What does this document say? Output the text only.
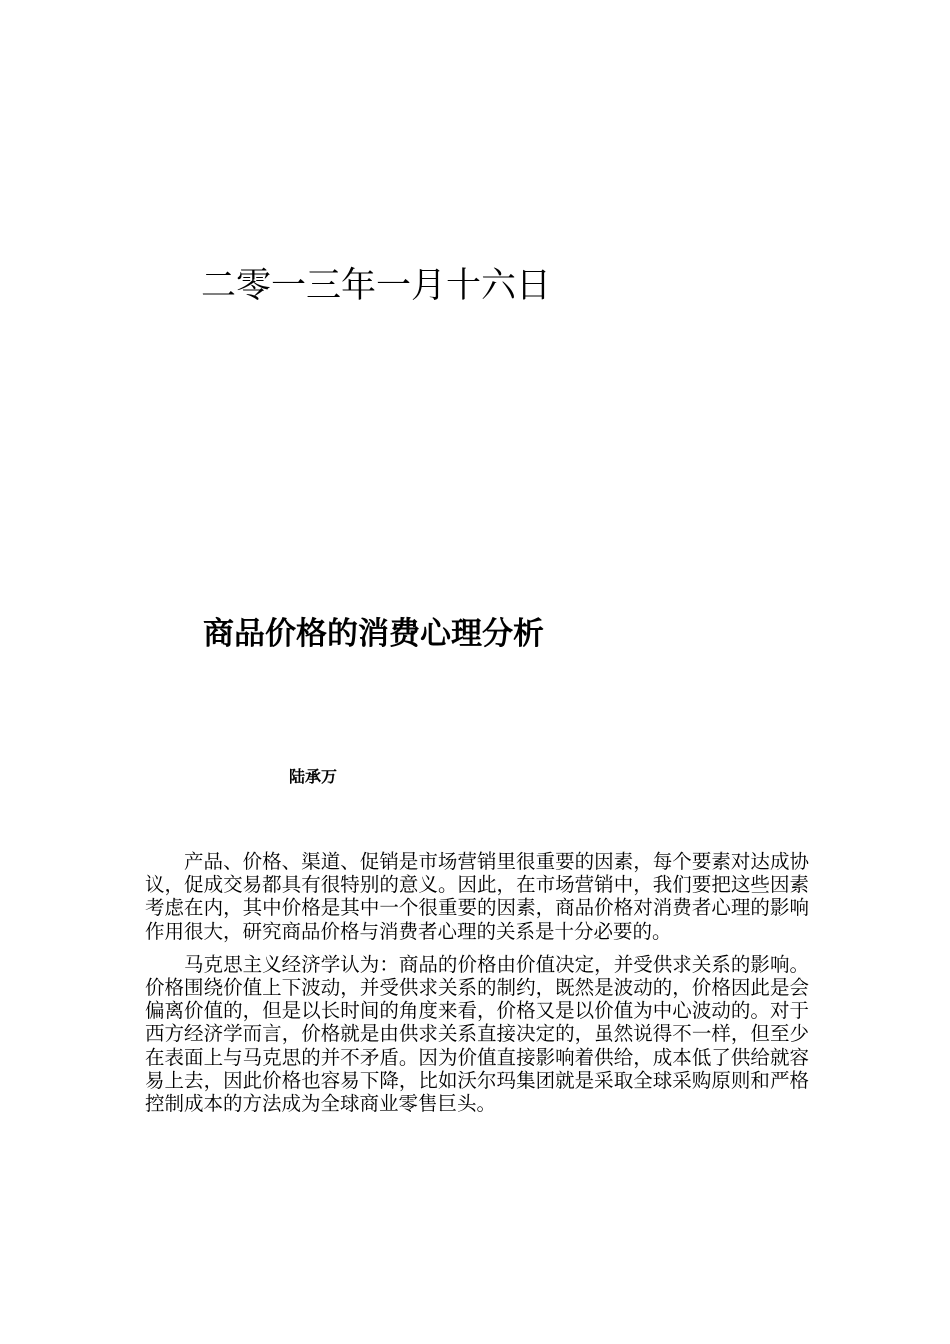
二零一三年一月十六日
商品价格的消费心理分析
陆承万

产品、价格、渠道、促销是市场营销里很重要的因素，每个要素对达成协议，促成交易都具有很特别的意义。因此，在市场营销中，我们要把这些因素考虑在内，其中价格是其中一个很重要的因素，商品价格对消费者心理的影响作用很大，研究商品价格与消费者心理的关系是十分必要的。

马克思主义经济学认为：商品的价格由价值决定，并受供求关系的影响。价格围绕价值上下波动，并受供求关系的制约，既然是波动的，价格因此是会偏离价值的，但是以长时间的角度来看，价格又是以价值为中心波动的。对于西方经济学而言，价格就是由供求关系直接决定的，虽然说得不一样，但至少在表面上与马克思的并不矛盾。因为价值直接影响着供给，成本低了供给就容易上去，因此价格也容易下降，比如沃尔玛集团就是采取全球采购原则和严格控制成本的方法成为全球商业零售巨头。
